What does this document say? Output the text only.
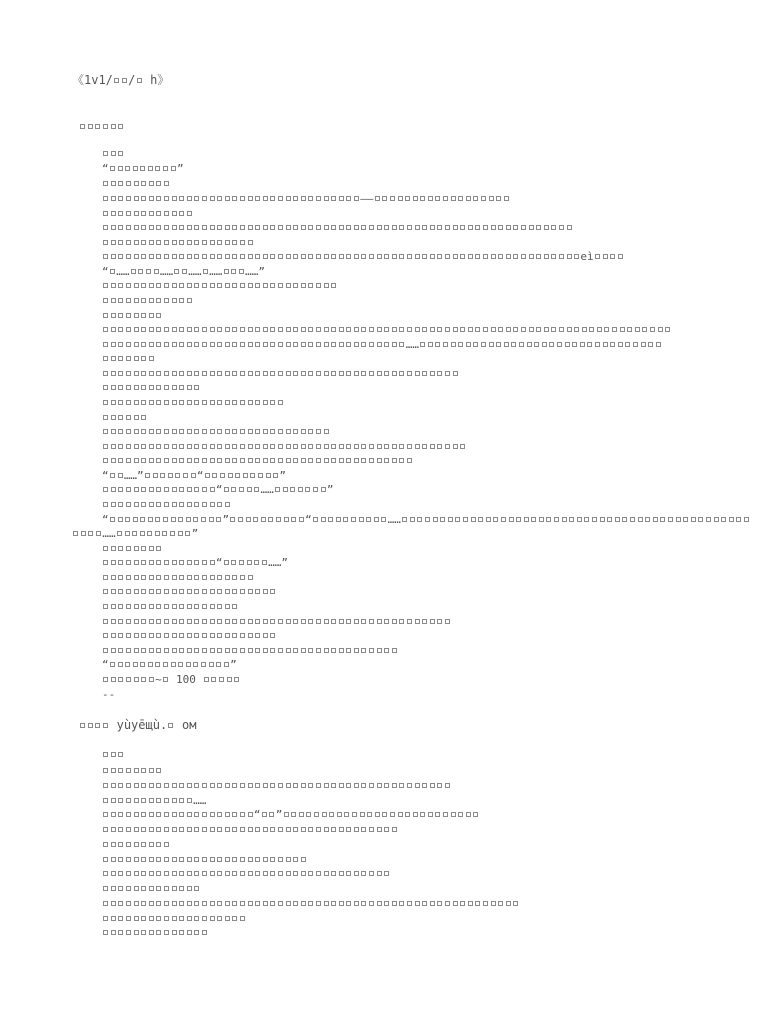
《1v1/ / h》
“	”
——
eì
“ ……	…… …… …… ……”
……
“ ……”	“	”
“	……	”
“	”	“	……
……	”
“	……”
“	”
~ 100
--
yùyēщù. ом
……
“ ”
